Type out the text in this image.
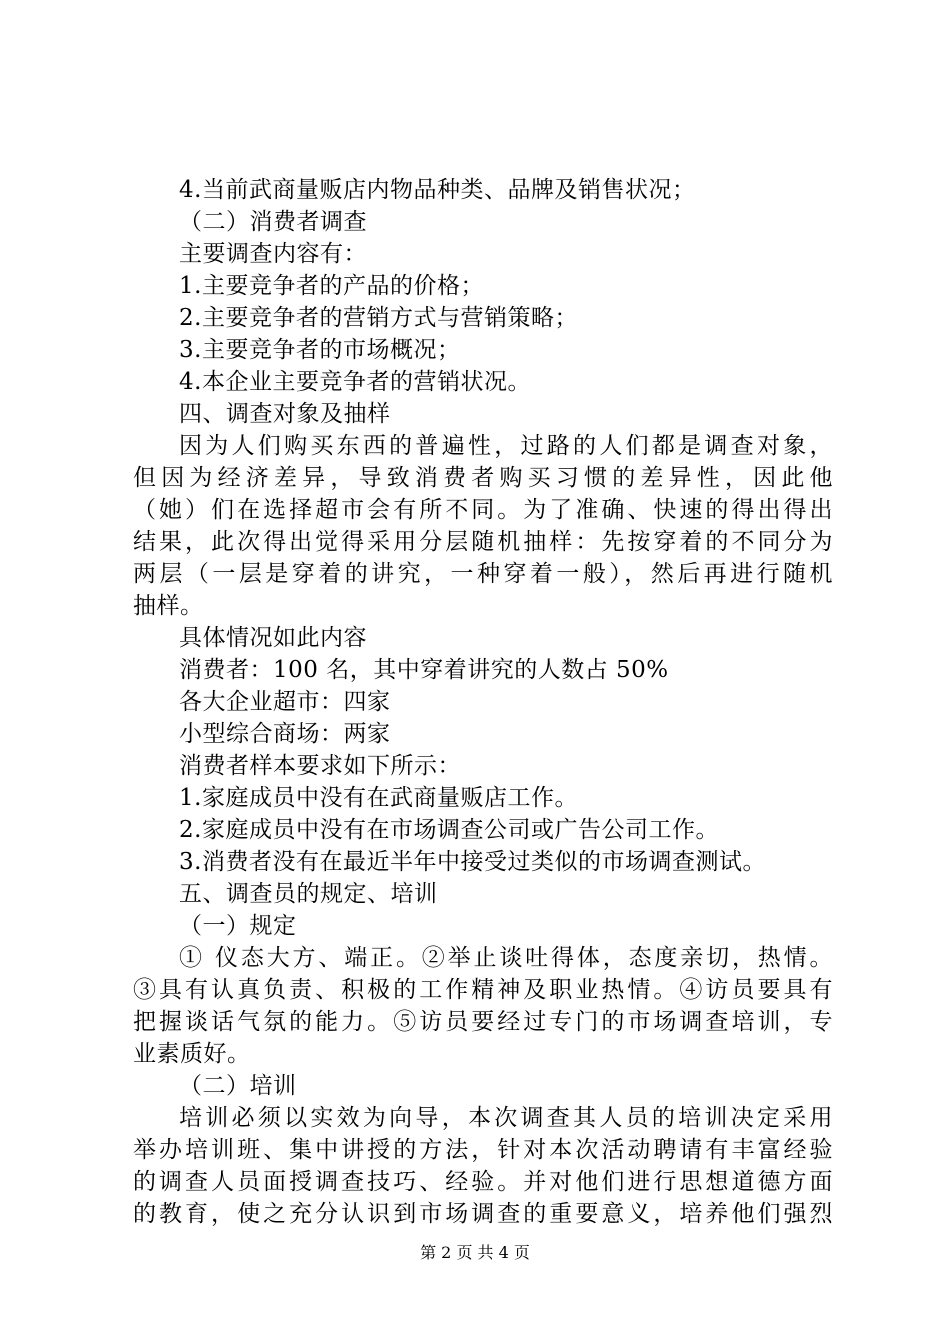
4.当前武商量贩店内物品种类、品牌及销售状况；
（二）消费者调查
主要调查内容有：
1.主要竞争者的产品的价格；
2.主要竞争者的营销方式与营销策略；
3.主要竞争者的市场概况；
4.本企业主要竞争者的营销状况。
四、调查对象及抽样
因为人们购买东西的普遍性，过路的人们都是调查对象，
但因为经济差异，导致消费者购买习惯的差异性，因此他
（她）们在选择超市会有所不同。为了准确、快速的得出得出
结果，此次得出觉得采用分层随机抽样：先按穿着的不同分为
两层（一层是穿着的讲究，一种穿着一般），然后再进行随机
抽样。
具体情况如此内容
消费者：100 名，其中穿着讲究的人数占 50%
各大企业超市：四家
小型综合商场：两家
消费者样本要求如下所示：
1.家庭成员中没有在武商量贩店工作。
2.家庭成员中没有在市场调查公司或广告公司工作。
3.消费者没有在最近半年中接受过类似的市场调查测试。
五、调查员的规定、培训
（一）规定
① 仪态大方、端正。②举止谈吐得体，态度亲切，热情。
③具有认真负责、积极的工作精神及职业热情。④访员要具有
把握谈话气氛的能力。⑤访员要经过专门的市场调查培训，专
业素质好。
（二）培训
培训必须以实效为向导，本次调查其人员的培训决定采用
举办培训班、集中讲授的方法，针对本次活动聘请有丰富经验
的调查人员面授调查技巧、经验。并对他们进行思想道德方面
的教育，使之充分认识到市场调查的重要意义，培养他们强烈
第 2 页 共 4 页
